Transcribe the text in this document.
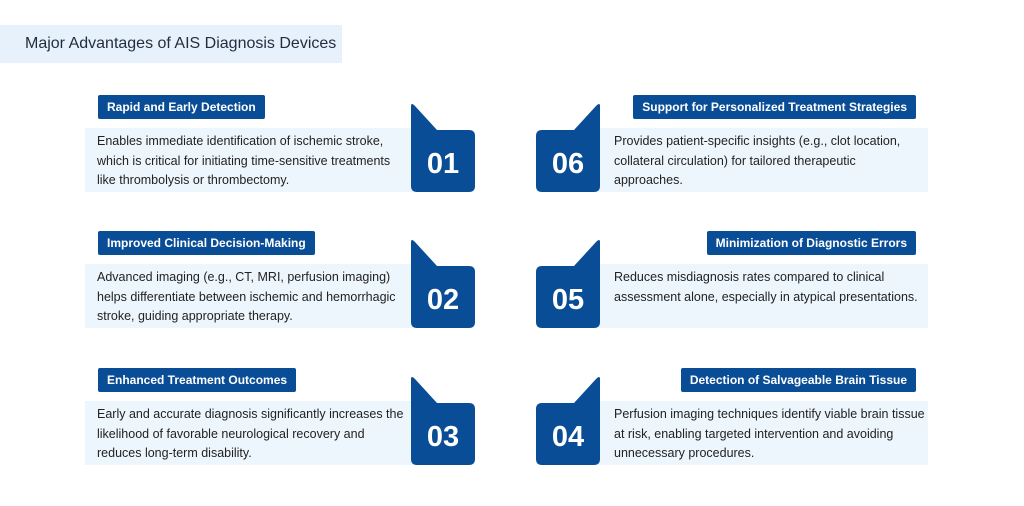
Major Advantages of AIS Diagnosis Devices
Enables immediate identification of ischemic stroke, which is critical for initiating time-sensitive treatments like thrombolysis or thrombectomy.
Rapid and Early Detection
01
Advanced imaging (e.g., CT, MRI, perfusion imaging) helps differentiate between ischemic and hemorrhagic stroke, guiding appropriate therapy.
Improved Clinical Decision-Making
02
Early and accurate diagnosis significantly increases the likelihood of favorable neurological recovery and reduces long-term disability.
Enhanced Treatment Outcomes
03
Provides patient-specific insights (e.g., clot location, collateral circulation) for tailored therapeutic approaches.
Support for Personalized Treatment Strategies
06
Reduces misdiagnosis rates compared to clinical assessment alone, especially in atypical presentations.
Minimization of Diagnostic Errors
05
Perfusion imaging techniques identify viable brain tissue at risk, enabling targeted intervention and avoiding unnecessary procedures.
Detection of Salvageable Brain Tissue
04
